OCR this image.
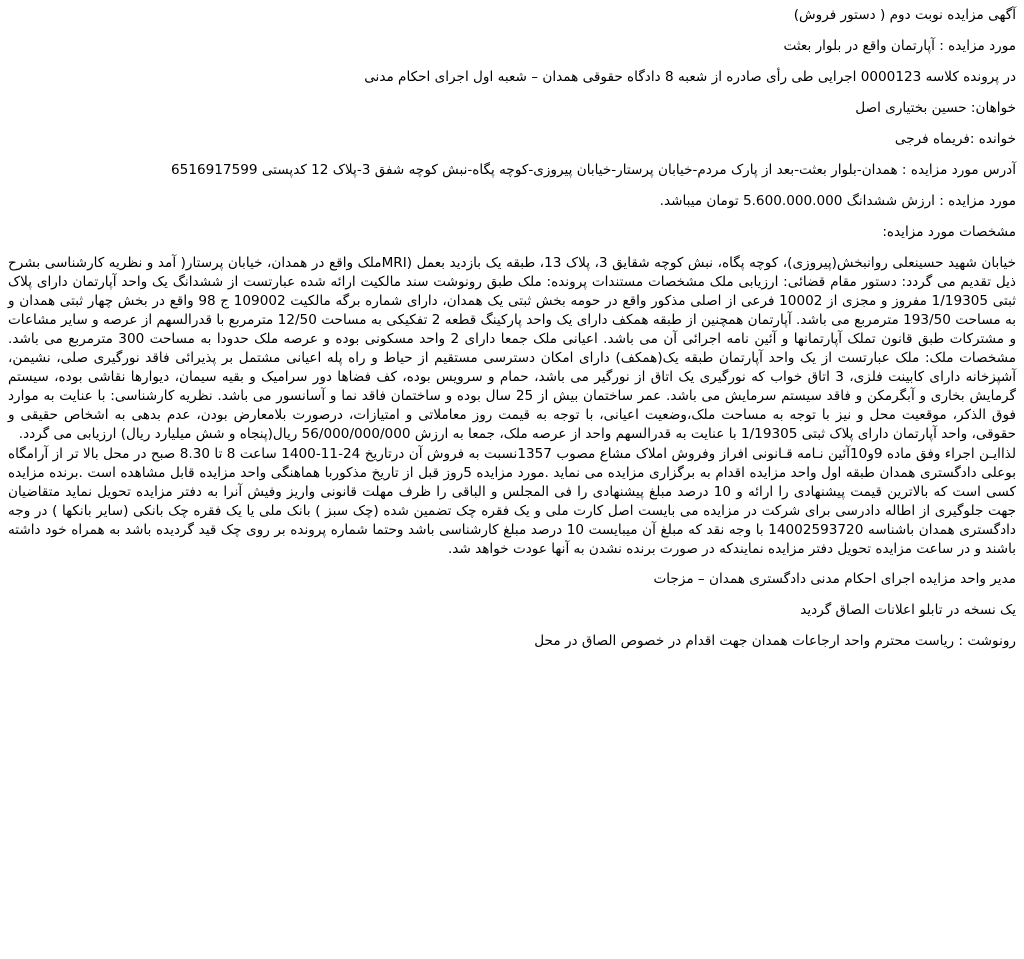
آگهی مزایده نوبت دوم ( دستور فروش)
مورد مزایده : آپارتمان واقع در بلوار بعثت
در پرونده کلاسه 0000123 اجرایی طی رأی صادره از شعبه 8 دادگاه حقوقی همدان – شعبه اول اجرای احکام مدنی
خواهان: حسین بختیاری اصل
خوانده :فریماه فرجی
آدرس مورد مزایده : همدان-بلوار بعثت-بعد از پارک مردم-خیابان پرستار-خیابان پیروزی-کوچه پگاه-نبش کوچه شفق 3-پلاک 12 کدپستی 6516917599
مورد مزایده : ارزش ششدانگ 5.600.000.000 تومان میباشد.
مشخصات مورد مزایده:
خیابان شهید حسینعلی روانبخش(پیروزی)، کوچه پگاه، نبش کوچه شقایق 3، پلاک 13، طبقه یک بازدید بعمل (MRIملک واقع در همدان، خیابان پرستار( آمد و نظریه کارشناسی بشرح ذیل تقدیم می گردد: دستور مقام قضائی: ارزیابی ملک مشخصات مستندات پرونده: ملک طبق رونوشت سند مالکیت ارائه شده عبارتست از ششدانگ یک واحد آپارتمان دارای پلاک ثبتی 1/19305 مفروز و مجزی از 10002 فرعی از اصلی مذکور واقع در حومه بخش ثبتی یک همدان، دارای شماره برگه مالکیت 109002 ج 98 واقع در بخش چهار ثبتی همدان و به مساحت 193/50 مترمربع می باشد. آپارتمان همچنین از طبقه همکف دارای یک واحد پارکینگ قطعه 2 تفکیکی به مساحت 12/50 مترمربع با قدرالسهم از عرصه و سایر مشاعات و مشترکات طبق قانون تملک آپارتمانها و آئین نامه اجرائی آن می باشد. اعیانی ملک جمعا دارای 2 واحد مسکونی بوده و عرصه ملک حدودا به مساحت 300 مترمربع می باشد. مشخصات ملک: ملک عبارتست از یک واحد آپارتمان طبقه یک(همکف) دارای امکان دسترسی مستقیم از حیاط و راه پله اعیانی مشتمل بر پذیرائی فاقد نورگیری صلی، نشیمن، آشپزخانه دارای کابینت فلزی، 3 اتاق خواب که نورگیری یک اتاق از نورگیر می باشد، حمام و سرویس بوده، کف فضاها دور سرامیک و بقیه سیمان، دیوارها نقاشی بوده، سیستم گرمایش بخاری و آبگرمکن و فاقد سیستم سرمایش می باشد. عمر ساختمان بیش از 25 سال بوده و ساختمان فاقد نما و آسانسور می باشد. نظریه کارشناسی: با عنایت به موارد فوق الذکر، موقعیت محل و نیز با توجه به مساحت ملک،وضعیت اعیانی، با توجه به قیمت روز معاملاتی و امتیازات، درصورت بلامعارض بودن، عدم بدهی به اشخاص حقیقی و حقوقی، واحد آپارتمان دارای پلاک ثبتی 1/19305 با عنایت به قدرالسهم واحد از عرصه ملک، جمعا به ارزش 56/000/000/000 ریال(پنجاه و شش میلیارد ریال) ارزیابی می گردد.
لذاایـن اجراء وفق ماده 9و10آئین نـامه قـانونی افراز وفروش املاک مشاع مصوب 1357نسبت به فروش آن درتاریخ 24-11-1400 ساعت 8 تا 8.30 صبح در محل بالا تر از آرامگاه بوعلی دادگستری همدان طبقه اول واحد مزایده اقدام به برگزاری مزایده می نماید .مورد مزایده 5روز قبل از تاریخ مذکوربا هماهنگی واحد مزایده قابل مشاهده است .برنده مزایده کسی است که بالاترین قیمت پیشنهادی را ارائه و 10 درصد مبلغ پیشنهادی را فی المجلس و الباقی را ظرف مهلت قانونی واریز وفیش آنرا به دفتر مزایده تحویل نماید متقاضیان جهت جلوگیری از اطاله دادرسی برای شرکت در مزایده می بایست اصل کارت ملی و یک فقره چک تضمین شده (چک سبز ) بانک ملی یا یک فقره چک بانکی (سایر بانکها ) در وجه دادگستری همدان باشناسه 14002593720 با وجه نقد که مبلغ آن میبایست 10 درصد مبلغ کارشناسی باشد وحتما شماره پرونده بر روی چک قید گردیده باشد به همراه خود داشته باشند و در ساعت مزایده تحویل دفتر مزایده نمایندکه در صورت برنده نشدن به آنها عودت خواهد شد.
مدیر واحد مزایده اجرای احکام مدنی دادگستری همدان – مزجات
یک نسخه در تابلو اعلانات الصاق گردید
رونوشت : ریاست محترم واحد ارجاعات همدان جهت اقدام در خصوص الصاق در محل
